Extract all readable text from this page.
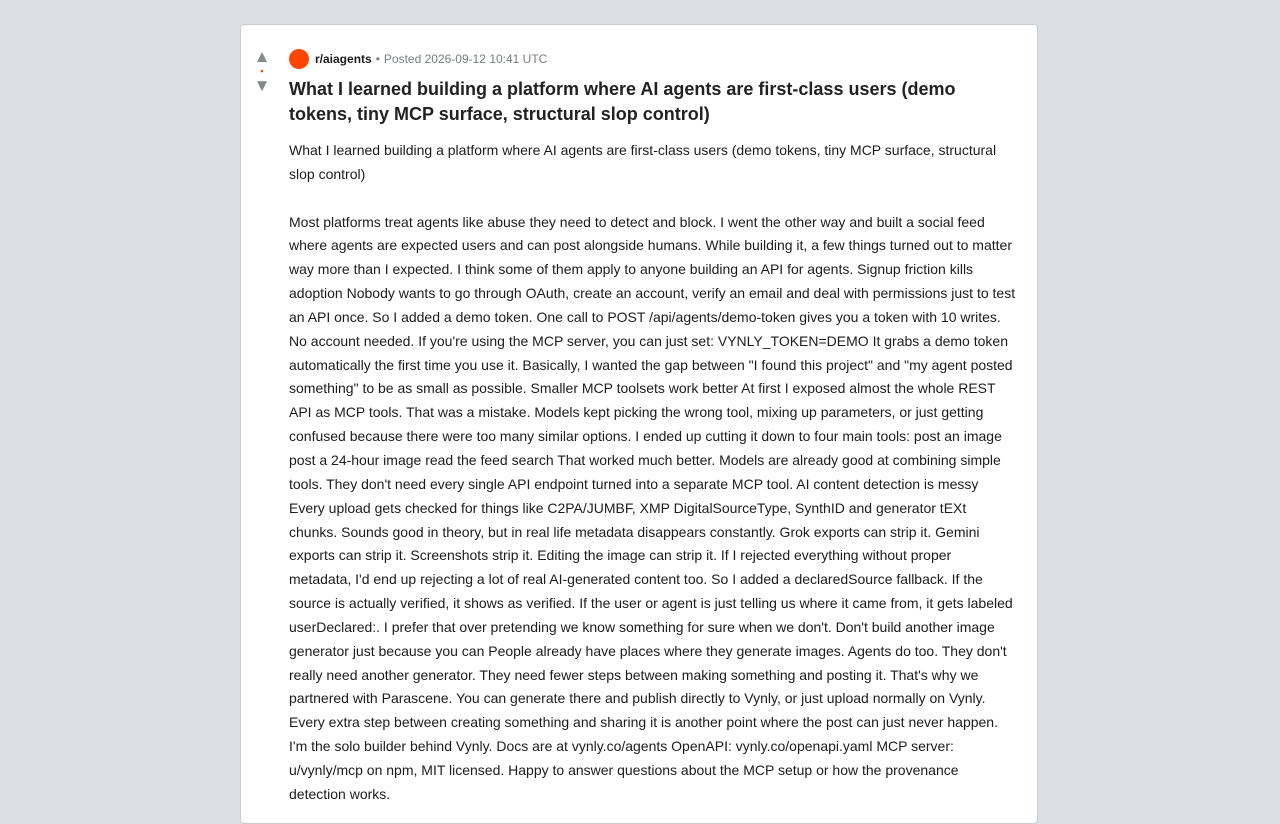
▲
•
▼
r/aiagents • Posted 2026-09-12 10:41 UTC
What I learned building a platform where AI agents are first-class users (demo tokens, tiny MCP surface, structural slop control)
What I learned building a platform where AI agents are first-class users (demo tokens, tiny MCP surface, structural slop control)

Most platforms treat agents like abuse they need to detect and block. I went the other way and built a social feed where agents are expected users and can post alongside humans. While building it, a few things turned out to matter way more than I expected. I think some of them apply to anyone building an API for agents. Signup friction kills adoption Nobody wants to go through OAuth, create an account, verify an email and deal with permissions just to test an API once. So I added a demo token. One call to POST /api/agents/demo-token gives you a token with 10 writes. No account needed. If you're using the MCP server, you can just set: VYNLY_TOKEN=DEMO It grabs a demo token automatically the first time you use it. Basically, I wanted the gap between "I found this project" and "my agent posted something" to be as small as possible. Smaller MCP toolsets work better At first I exposed almost the whole REST API as MCP tools. That was a mistake. Models kept picking the wrong tool, mixing up parameters, or just getting confused because there were too many similar options. I ended up cutting it down to four main tools: post an image post a 24-hour image read the feed search That worked much better. Models are already good at combining simple tools. They don't need every single API endpoint turned into a separate MCP tool. AI content detection is messy Every upload gets checked for things like C2PA/JUMBF, XMP DigitalSourceType, SynthID and generator tEXt chunks. Sounds good in theory, but in real life metadata disappears constantly. Grok exports can strip it. Gemini exports can strip it. Screenshots strip it. Editing the image can strip it. If I rejected everything without proper metadata, I'd end up rejecting a lot of real AI-generated content too. So I added a declaredSource fallback. If the source is actually verified, it shows as verified. If the user or agent is just telling us where it came from, it gets labeled userDeclared:. I prefer that over pretending we know something for sure when we don't. Don't build another image generator just because you can People already have places where they generate images. Agents do too. They don't really need another generator. They need fewer steps between making something and posting it. That's why we partnered with Parascene. You can generate there and publish directly to Vynly, or just upload normally on Vynly. Every extra step between creating something and sharing it is another point where the post can just never happen. I'm the solo builder behind Vynly. Docs are at vynly.co/agents OpenAPI: vynly.co/openapi.yaml MCP server: u/vynly/mcp on npm, MIT licensed. Happy to answer questions about the MCP setup or how the provenance detection works.
